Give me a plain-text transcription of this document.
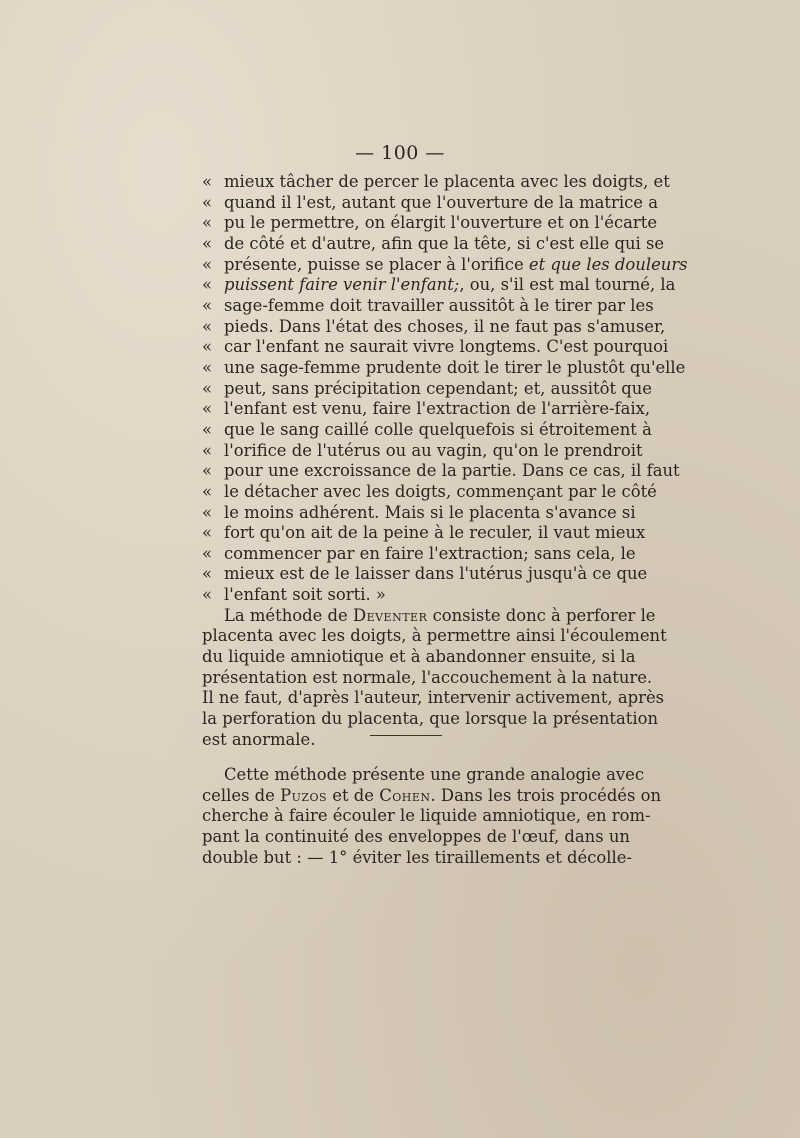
— 100 —
« mieux tâcher de percer le placenta avec les doigts, et
« quand il l'est, autant que l'ouverture de la matrice a
« pu le permettre, on élargit l'ouverture et on l'écarte
« de côté et d'autre, afin que la tête, si c'est elle qui se
« présente, puisse se placer à l'orifice et que les douleurs
« puissent faire venir l'enfant;, ou, s'il est mal tourné, la
« sage-femme doit travailler aussitôt à le tirer par les
« pieds. Dans l'état des choses, il ne faut pas s'amuser,
« car l'enfant ne saurait vivre longtems. C'est pourquoi
« une sage-femme prudente doit le tirer le plustôt qu'elle
« peut, sans précipitation cependant; et, aussitôt que
« l'enfant est venu, faire l'extraction de l'arrière-faix,
« que le sang caillé colle quelquefois si étroitement à
« l'orifice de l'utérus ou au vagin, qu'on le prendroit
« pour une excroissance de la partie. Dans ce cas, il faut
« le détacher avec les doigts, commençant par le côté
« le moins adhérent. Mais si le placenta s'avance si
« fort qu'on ait de la peine à le reculer, il vaut mieux
« commencer par en faire l'extraction; sans cela, le
« mieux est de le laisser dans l'utérus jusqu'à ce que
« l'enfant soit sorti. »
La méthode de Deventer consiste donc à perforer le
placenta avec les doigts, à permettre ainsi l'écoulement
du liquide amniotique et à abandonner ensuite, si la
présentation est normale, l'accouchement à la nature.
Il ne faut, d'après l'auteur, intervenir activement, après
la perforation du placenta, que lorsque la présentation
est anormale.
Cette méthode présente une grande analogie avec
celles de Puzos et de Cohen. Dans les trois procédés on
cherche à faire écouler le liquide amniotique, en rom-
pant la continuité des enveloppes de l'œuf, dans un
double but : — 1° éviter les tiraillements et décolle-
